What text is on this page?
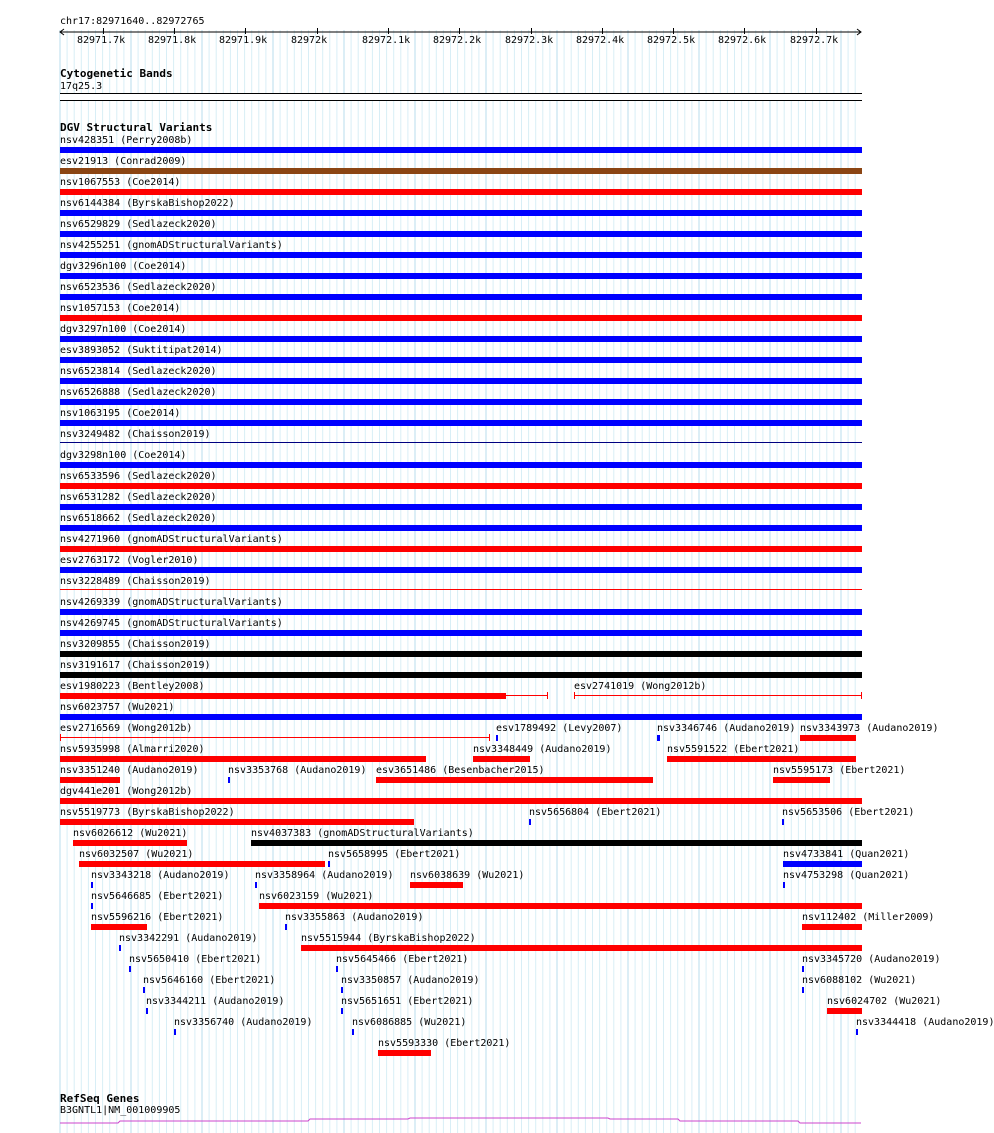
chr17:82971640..82972765
82971.7k 82971.8k 82971.9k 82972k	82972.1k 82972.2k 82972.3k 82972.4k 82972.5k 82972.6k 82972.7k
Cytogenetic Bands
17q25.3
DGV Structural Variants
nsv428351 (Perry2008b)
esv21913 (Conrad2009)
nsv1067553 (Coe2014)
nsv6144384 (ByrskaBishop2022)
nsv6529829 (Sedlazeck2020)
nsv4255251 (gnomADStructuralVariants)
dgv3296n100 (Coe2014)
nsv6523536 (Sedlazeck2020)
nsv1057153 (Coe2014)
dgv3297n100 (Coe2014)
esv3893052 (Suktitipat2014)
nsv6523814 (Sedlazeck2020)
nsv6526888 (Sedlazeck2020)
nsv1063195 (Coe2014)
nsv3249482 (Chaisson2019)
dgv3298n100 (Coe2014)
nsv6533596 (Sedlazeck2020)
nsv6531282 (Sedlazeck2020)
nsv6518662 (Sedlazeck2020)
nsv4271960 (gnomADStructuralVariants)
esv2763172 (Vogler2010)
nsv3228489 (Chaisson2019)
nsv4269339 (gnomADStructuralVariants)
nsv4269745 (gnomADStructuralVariants)
nsv3209855 (Chaisson2019)
nsv3191617 (Chaisson2019)
esv1980223 (Bentley2008)	esv2741019 (Wong2012b)
nsv6023757 (Wu2021)
esv2716569 (Wong2012b)	esv1789492 (Levy2007)	nsv3346746 (Audano2019) nsv3343973 (Audano2019)
nsv5935998 (Almarri2020)	nsv3348449 (Audano2019)	nsv5591522 (Ebert2021)
nsv3351240 (Audano2019)	nsv3353768 (Audano2019) esv3651486 (Besenbacher2015)	nsv5595173 (Ebert2021)
dgv441e201 (Wong2012b)
nsv5519773 (ByrskaBishop2022)	nsv5656804 (Ebert2021)	nsv5653506 (Ebert2021)
nsv6026612 (Wu2021)	nsv4037383 (gnomADStructuralVariants)
nsv6032507 (Wu2021)	nsv5658995 (Ebert2021)	nsv4733841 (Quan2021)
nsv3343218 (Audano2019)	nsv3358964 (Audano2019) nsv6038639 (Wu2021)	nsv4753298 (Quan2021)
nsv5646685 (Ebert2021)	nsv6023159 (Wu2021)
nsv5596216 (Ebert2021)	nsv3355863 (Audano2019)	nsv112402 (Miller2009)
nsv3342291 (Audano2019)	nsv5515944 (ByrskaBishop2022)
nsv5650410 (Ebert2021)	nsv5645466 (Ebert2021)	nsv3345720 (Audano2019)
nsv5646160 (Ebert2021)	nsv3350857 (Audano2019)	nsv6088102 (Wu2021)
nsv3344211 (Audano2019)	nsv5651651 (Ebert2021)	nsv6024702 (Wu2021)
nsv3356740 (Audano2019)	nsv6086885 (Wu2021)	nsv3344418 (Audano2019)
nsv5593330 (Ebert2021)
RefSeq Genes
B3GNTL1|NM_001009905
